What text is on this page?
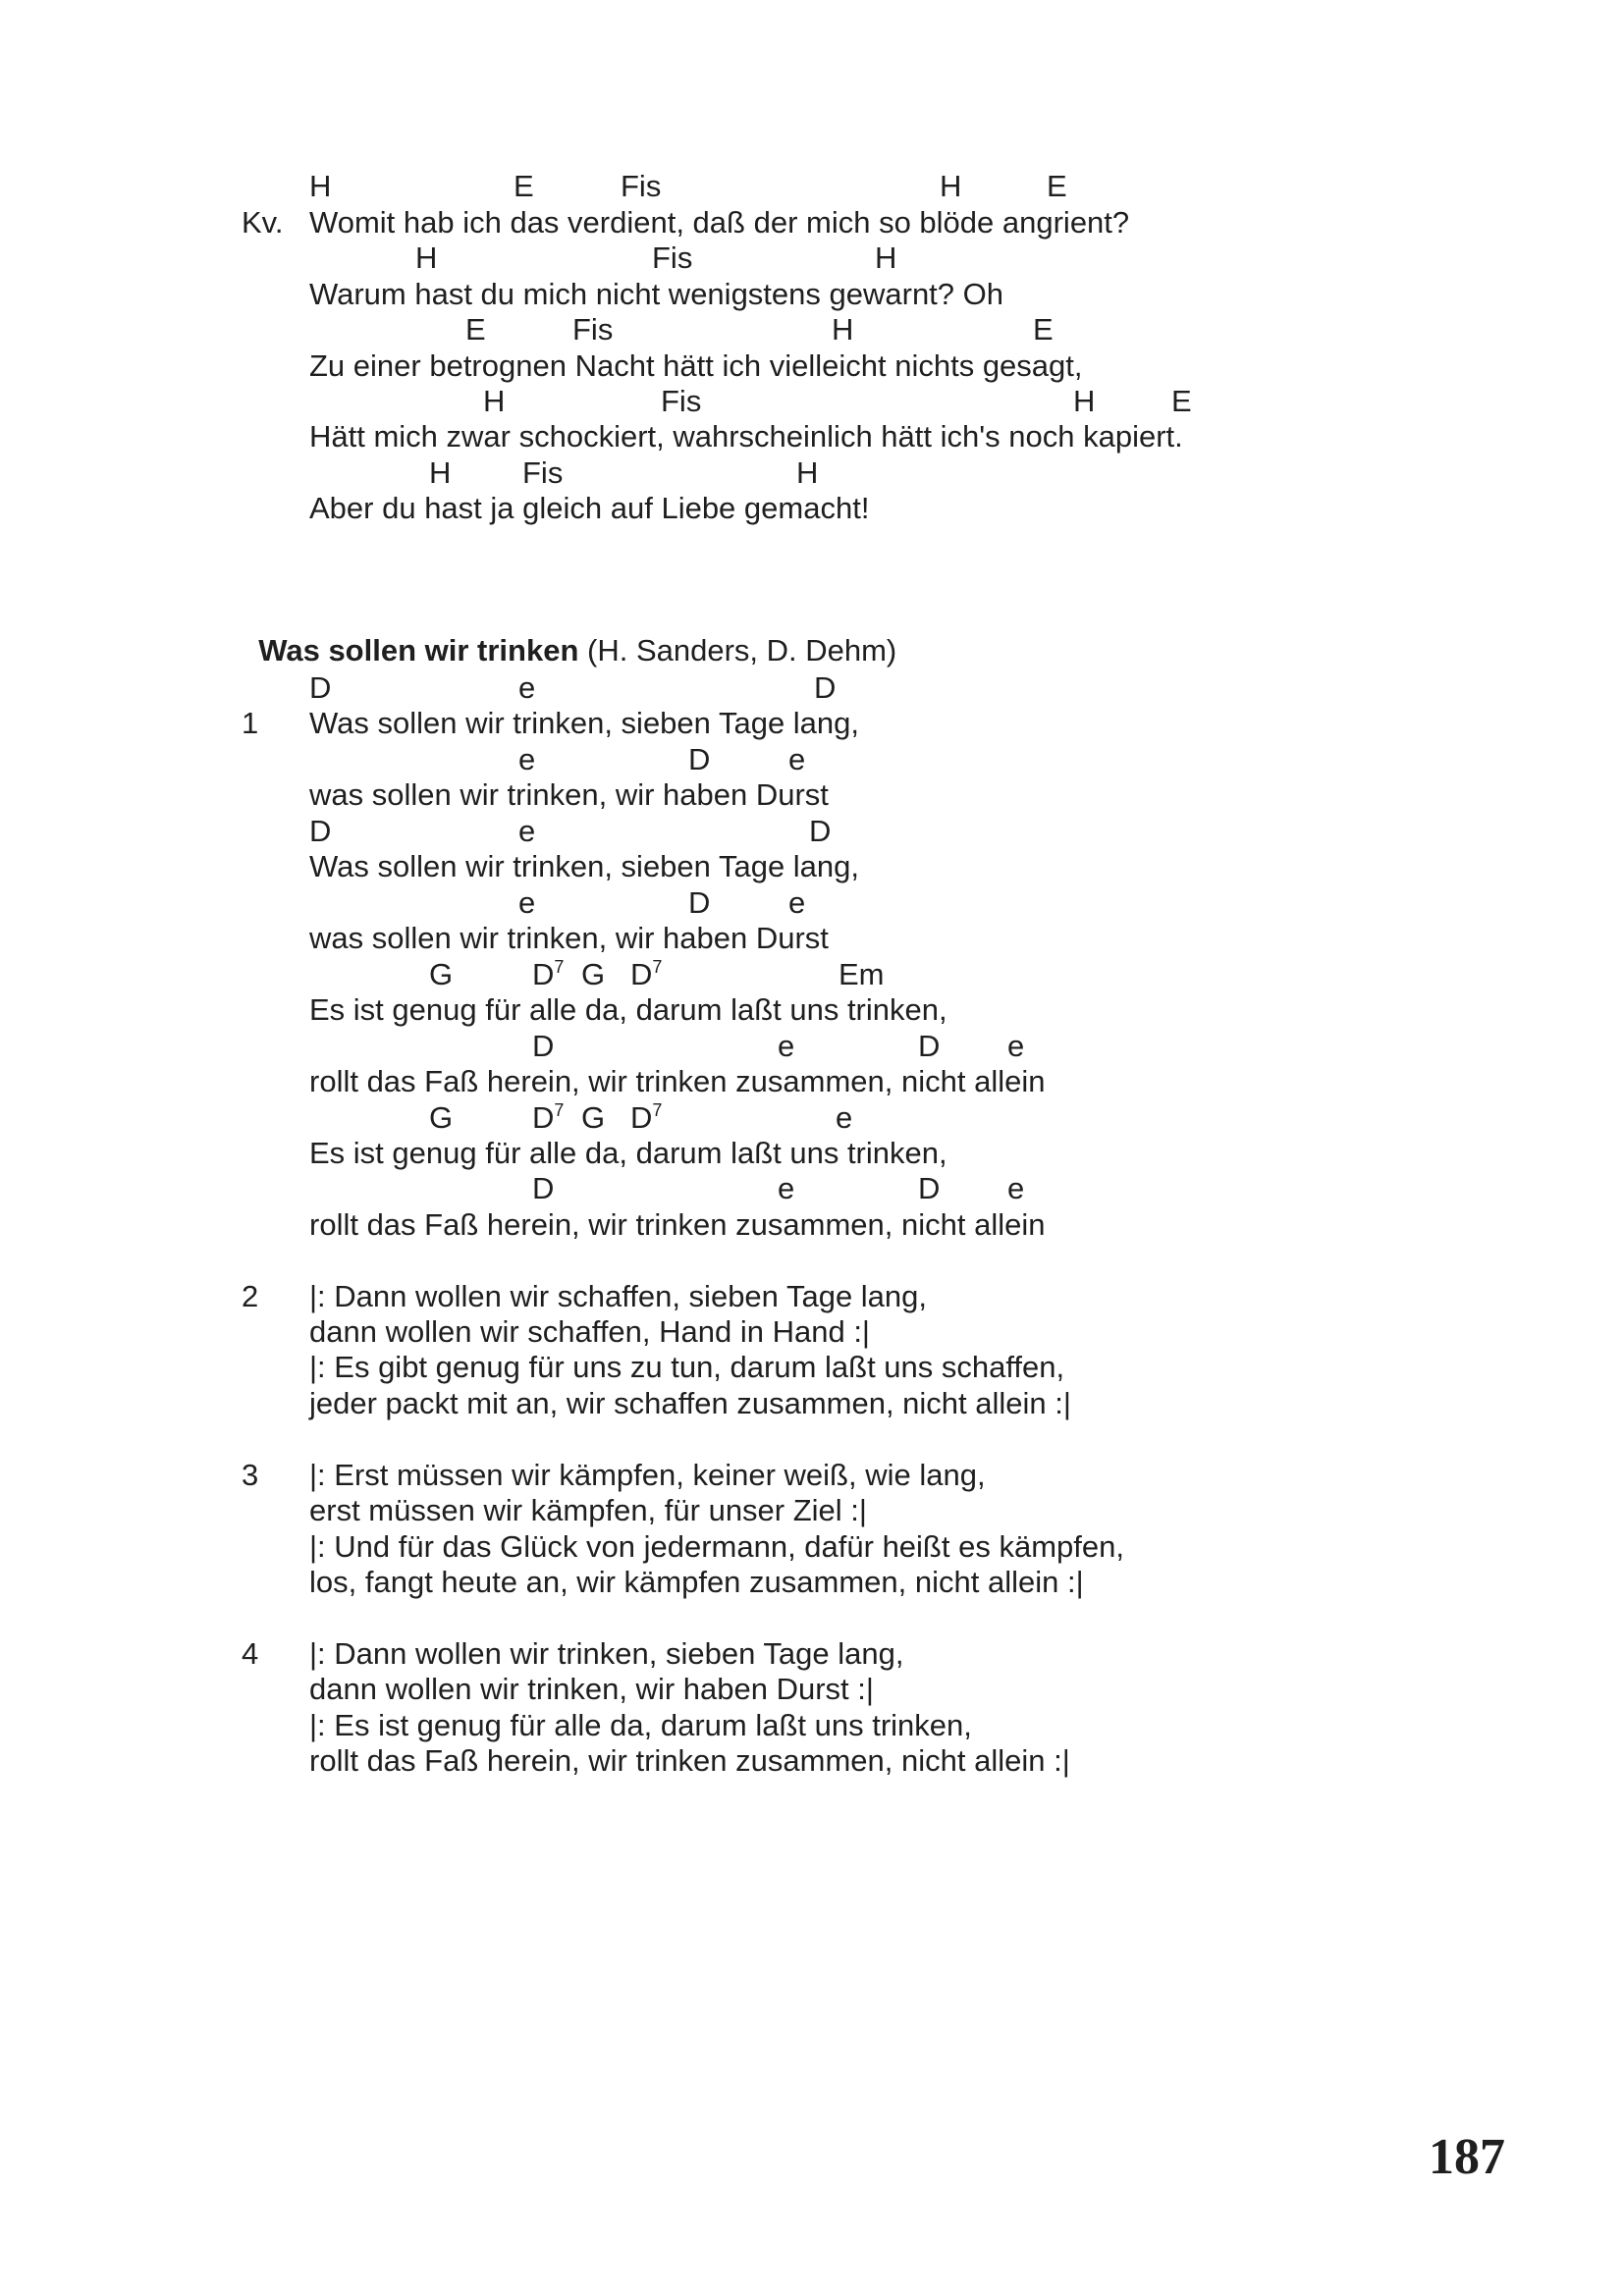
H

	E

	Fis

	H

	E

Kv.

Womit hab ich das verdient, daß der mich so blöde angrient?

H

	Fis

	H

Warum hast du mich nicht wenigstens gewarnt? Oh

E

	Fis

	H

	E

Zu einer betrognen Nacht hätt ich vielleicht nichts gesagt,

H

	Fis

	H

	E

Hätt mich zwar schockiert, wahrscheinlich hätt ich's noch kapiert.

H

Fis

	H

Aber du hast ja gleich auf Liebe gemacht!

Was sollen wir trinken (H. Sanders, D. Dehm)

D

	e

	D

1

Was sollen wir trinken, sieben Tage lang,

e

	D

	e

was sollen wir trinken, wir haben Durst

D

	e

	D

Was sollen wir trinken, sieben Tage lang,

e

	D

	e

was sollen wir trinken, wir haben Durst

G

	$D^7$

G

$D^7$

	Em

Es ist genug für alle da, darum laßt uns trinken,

D

	e

	D

e

rollt das Faß herein, wir trinken zusammen, nicht allein

G

	$D^7$

G

$D^7$

	e

Es ist genug für alle da, darum laßt uns trinken,

D

	e

	D

e

rollt das Faß herein, wir trinken zusammen, nicht allein

2

|: Dann wollen wir schaffen, sieben Tage lang,

dann wollen wir schaffen, Hand in Hand :|

|: Es gibt genug für uns zu tun, darum laßt uns schaffen,

jeder packt mit an, wir schaffen zusammen, nicht allein :|

3

|: Erst müssen wir kämpfen, keiner weiß, wie lang,

erst müssen wir kämpfen, für unser Ziel :|

|: Und für das Glück von jedermann, dafür heißt es kämpfen,

los, fangt heute an, wir kämpfen zusammen, nicht allein :|

4

|: Dann wollen wir trinken, sieben Tage lang,

dann wollen wir trinken, wir haben Durst :|

|: Es ist genug für alle da, darum laßt uns trinken,

rollt das Faß herein, wir trinken zusammen, nicht allein :|

187
